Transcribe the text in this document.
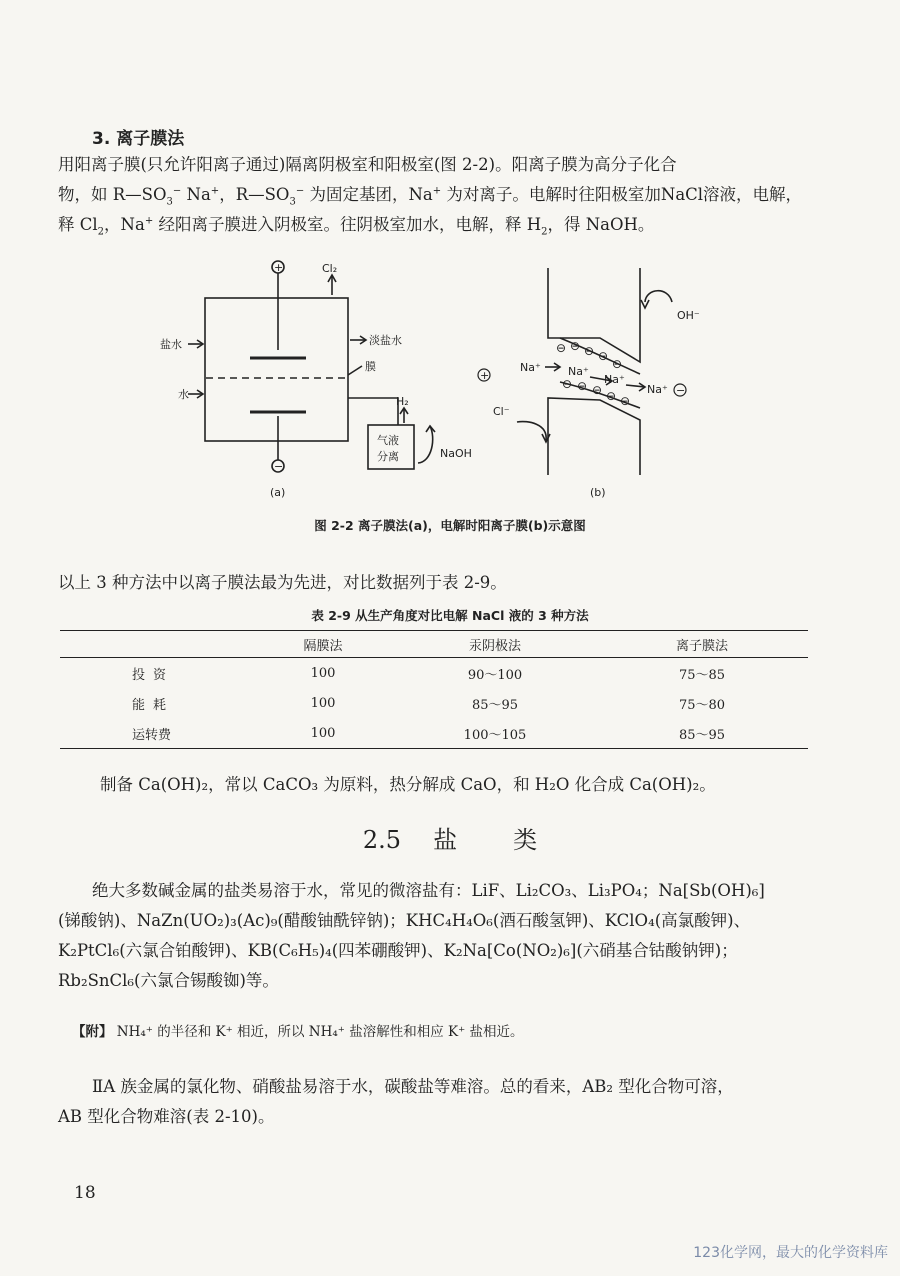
3. 离子膜法

用阳离子膜(只允许阳离子通过)隔离阴极室和阳极室(图 2-2)。阳离子膜为高分子化合

物，如 $R—SO_3^-$ Na+，$R—SO_3^-$ 为固定基团，Na+ 为对离子。电解时往阳极室加NaCl溶液，电解，

释 $Cl_2$，Na+ 经阳离子膜进入阴极室。往阴极室加水，电解，释 $H_2$，得 NaOH。

+
−
Cl₂
盐水	淡盐水
膜
水
H₂
气液
分离	NaOH
(a)
⊖ ⊖ ⊖ ⊖
⊖
⊖ ⊖ ⊖ ⊖ ⊖
+
−
OH⁻
Cl⁻
Na⁺ Na⁺
Na⁺
Na⁺
(b)
图 2-2 离子膜法(a)，电解时阳离子膜(b)示意图
以上 3 种方法中以离子膜法最为先进，对比数据列于表 2-9。
表 2-9 从生产角度对比电解 NaCl 液的 3 种方法
	隔膜法	汞阴极法	离子膜法
投资	100	90～100	75～85
能耗	100	85～95	75～80
运转费	100	100～105	85～95
制备 Ca(OH)₂，常以 CaCO₃ 为原料，热分解成 CaO，和 H₂O 化合成 Ca(OH)₂。
2.5 盐 类

绝大多数碱金属的盐类易溶于水，常见的微溶盐有：LiF、Li₂CO₃、Li₃PO₄；Na[Sb(OH)₆]

(锑酸钠)、NaZn(UO₂)₃(Ac)₉(醋酸铀酰锌钠)；KHC₄H₄O₆(酒石酸氢钾)、KClO₄(高氯酸钾)、

K₂PtCl₆(六氯合铂酸钾)、KB(C₆H₅)₄(四苯硼酸钾)、K₂Na[Co(NO₂)₆](六硝基合钴酸钠钾)；

Rb₂SnCl₆(六氯合锡酸铷)等。

【附】 NH₄⁺ 的半径和 K⁺ 相近，所以 NH₄⁺ 盐溶解性和相应 K⁺ 盐相近。

ⅡA 族金属的氯化物、硝酸盐易溶于水，碳酸盐等难溶。总的看来，AB₂ 型化合物可溶，

AB 型化合物难溶(表 2-10)。

18
123化学网，最大的化学资料库
